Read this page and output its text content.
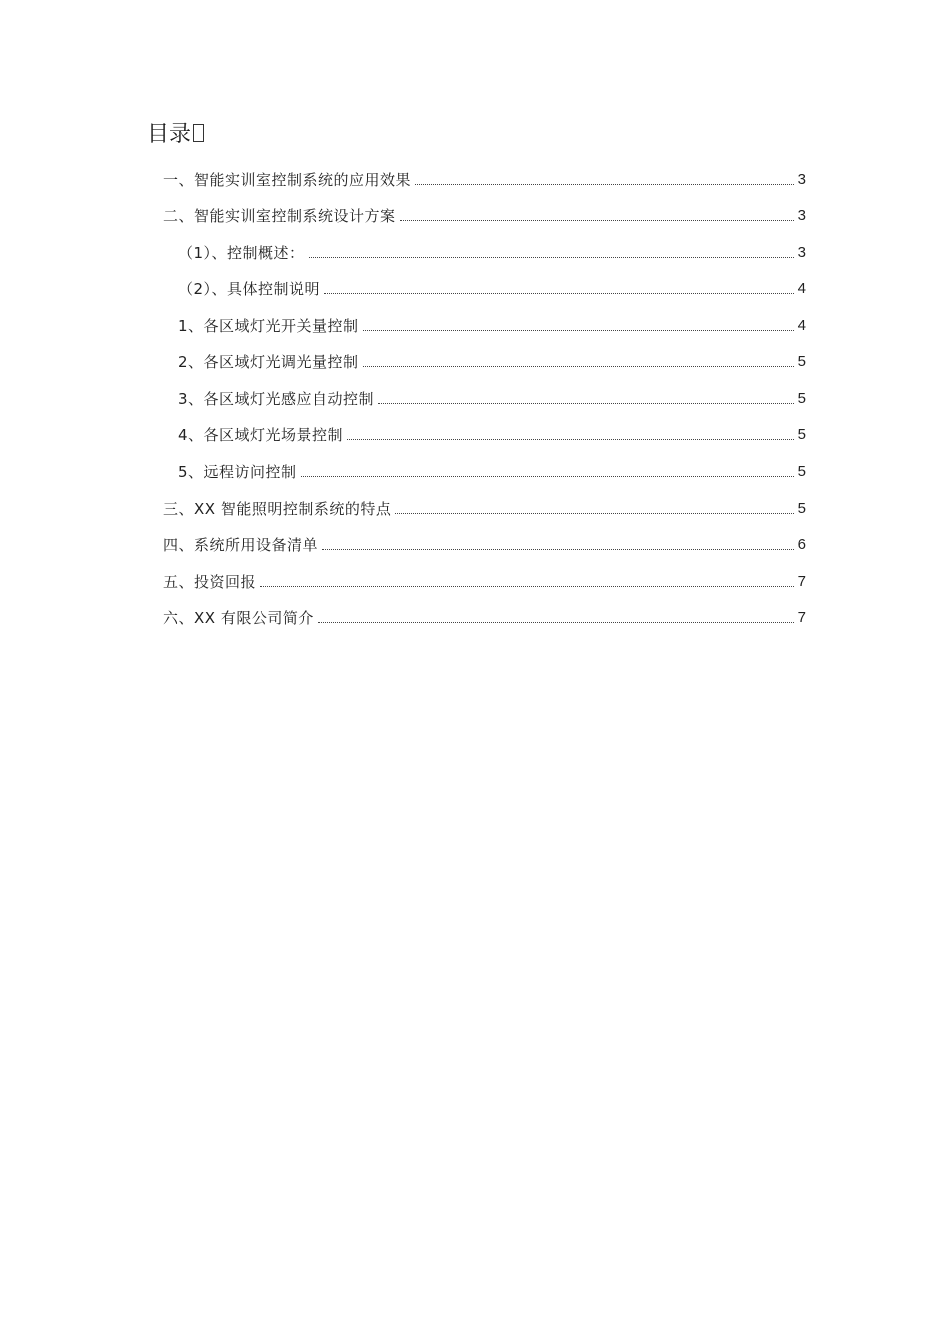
目录
一、智能实训室控制系统的应用效果	3
二、智能实训室控制系统设计方案	3
（1）、控制概述：	3
（2）、具体控制说明	4
1、各区域灯光开关量控制	4
2、各区域灯光调光量控制	5
3、各区域灯光感应自动控制	5
4、各区域灯光场景控制	5
5、远程访问控制	5
三、XX 智能照明控制系统的特点	5
四、系统所用设备清单	6
五、投资回报	7
六、XX 有限公司简介	7
